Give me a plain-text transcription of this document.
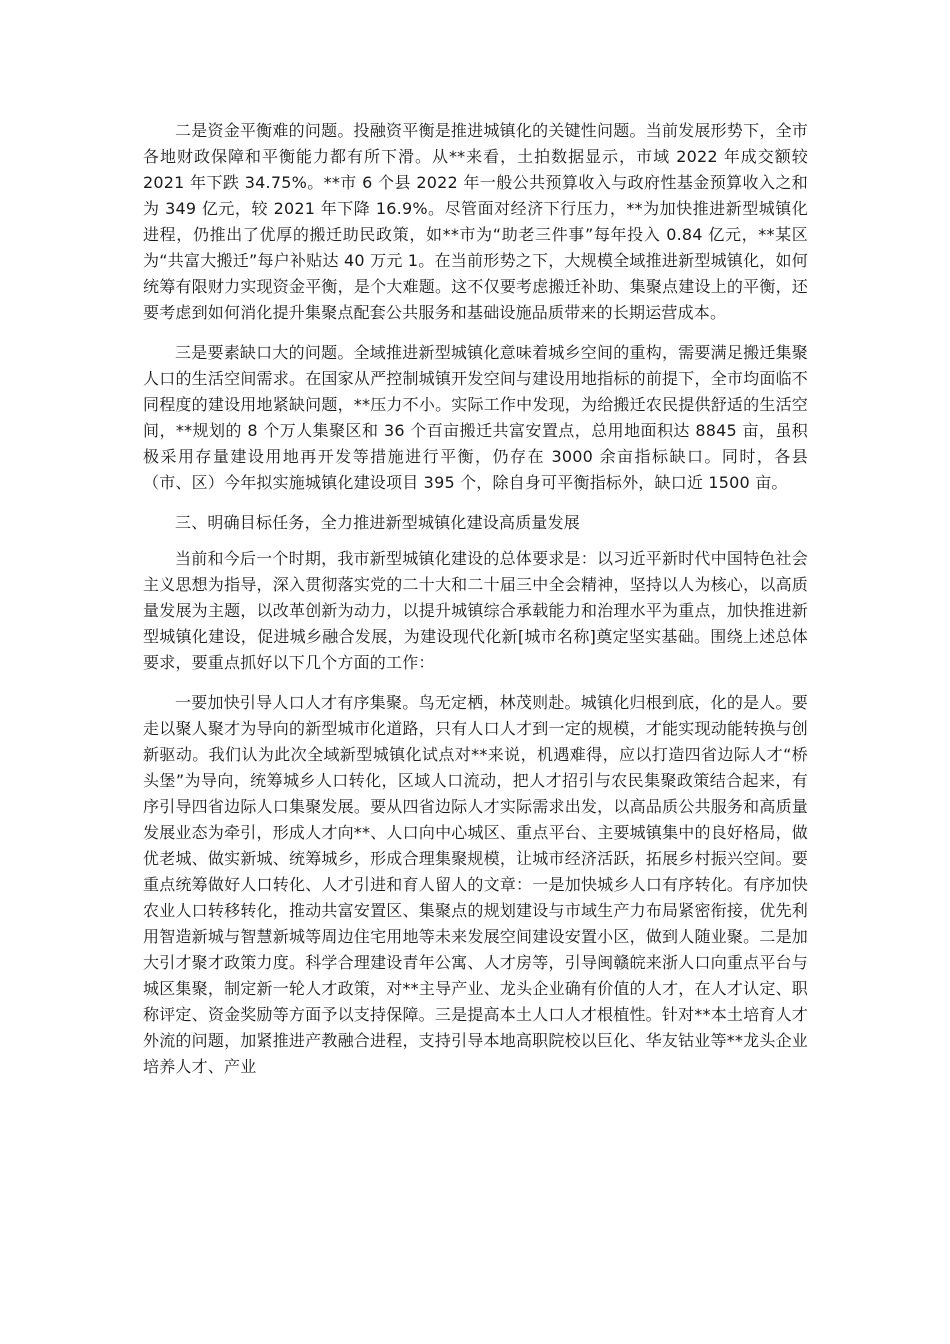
二是资金平衡难的问题。投融资平衡是推进城镇化的关键性问题。当前发展形势下，全市各地财政保障和平衡能力都有所下滑。从**来看，土拍数据显示，市域 2022 年成交额较 2021 年下跌 34.75%。**市 6 个县 2022 年一般公共预算收入与政府性基金预算收入之和为 349 亿元，较 2021 年下降 16.9%。尽管面对经济下行压力，**为加快推进新型城镇化进程，仍推出了优厚的搬迁助民政策，如**市为“助老三件事”每年投入 0.84 亿元，**某区为“共富大搬迁”每户补贴达 40 万元 1。在当前形势之下，大规模全域推进新型城镇化，如何统筹有限财力实现资金平衡，是个大难题。这不仅要考虑搬迁补助、集聚点建设上的平衡，还要考虑到如何消化提升集聚点配套公共服务和基础设施品质带来的长期运营成本。

三是要素缺口大的问题。全域推进新型城镇化意味着城乡空间的重构，需要满足搬迁集聚人口的生活空间需求。在国家从严控制城镇开发空间与建设用地指标的前提下，全市均面临不同程度的建设用地紧缺问题，**压力不小。实际工作中发现，为给搬迁农民提供舒适的生活空间，**规划的 8 个万人集聚区和 36 个百亩搬迁共富安置点，总用地面积达 8845 亩，虽积极采用存量建设用地再开发等措施进行平衡，仍存在 3000 余亩指标缺口。同时，各县（市、区）今年拟实施城镇化建设项目 395 个，除自身可平衡指标外，缺口近 1500 亩。

三、明确目标任务，全力推进新型城镇化建设高质量发展

当前和今后一个时期，我市新型城镇化建设的总体要求是：以习近平新时代中国特色社会主义思想为指导，深入贯彻落实党的二十大和二十届三中全会精神，坚持以人为核心，以高质量发展为主题，以改革创新为动力，以提升城镇综合承载能力和治理水平为重点，加快推进新型城镇化建设，促进城乡融合发展，为建设现代化新[城市名称]奠定坚实基础。围绕上述总体要求，要重点抓好以下几个方面的工作：

一要加快引导人口人才有序集聚。鸟无定栖，林茂则赴。城镇化归根到底，化的是人。要走以聚人聚才为导向的新型城市化道路，只有人口人才到一定的规模，才能实现动能转换与创新驱动。我们认为此次全域新型城镇化试点对**来说，机遇难得，应以打造四省边际人才“桥头堡”为导向，统筹城乡人口转化，区域人口流动，把人才招引与农民集聚政策结合起来，有序引导四省边际人口集聚发展。要从四省边际人才实际需求出发，以高品质公共服务和高质量发展业态为牵引，形成人才向**、人口向中心城区、重点平台、主要城镇集中的良好格局，做优老城、做实新城、统筹城乡，形成合理集聚规模，让城市经济活跃，拓展乡村振兴空间。要重点统筹做好人口转化、人才引进和育人留人的文章：一是加快城乡人口有序转化。有序加快农业人口转移转化，推动共富安置区、集聚点的规划建设与市域生产力布局紧密衔接，优先利用智造新城与智慧新城等周边住宅用地等未来发展空间建设安置小区，做到人随业聚。二是加大引才聚才政策力度。科学合理建设青年公寓、人才房等，引导闽赣皖来浙人口向重点平台与城区集聚，制定新一轮人才政策，对**主导产业、龙头企业确有价值的人才，在人才认定、职称评定、资金奖励等方面予以支持保障。三是提高本土人口人才根植性。针对**本土培育人才外流的问题，加紧推进产教融合进程，支持引导本地高职院校以巨化、华友钴业等**龙头企业培养人才、产业
